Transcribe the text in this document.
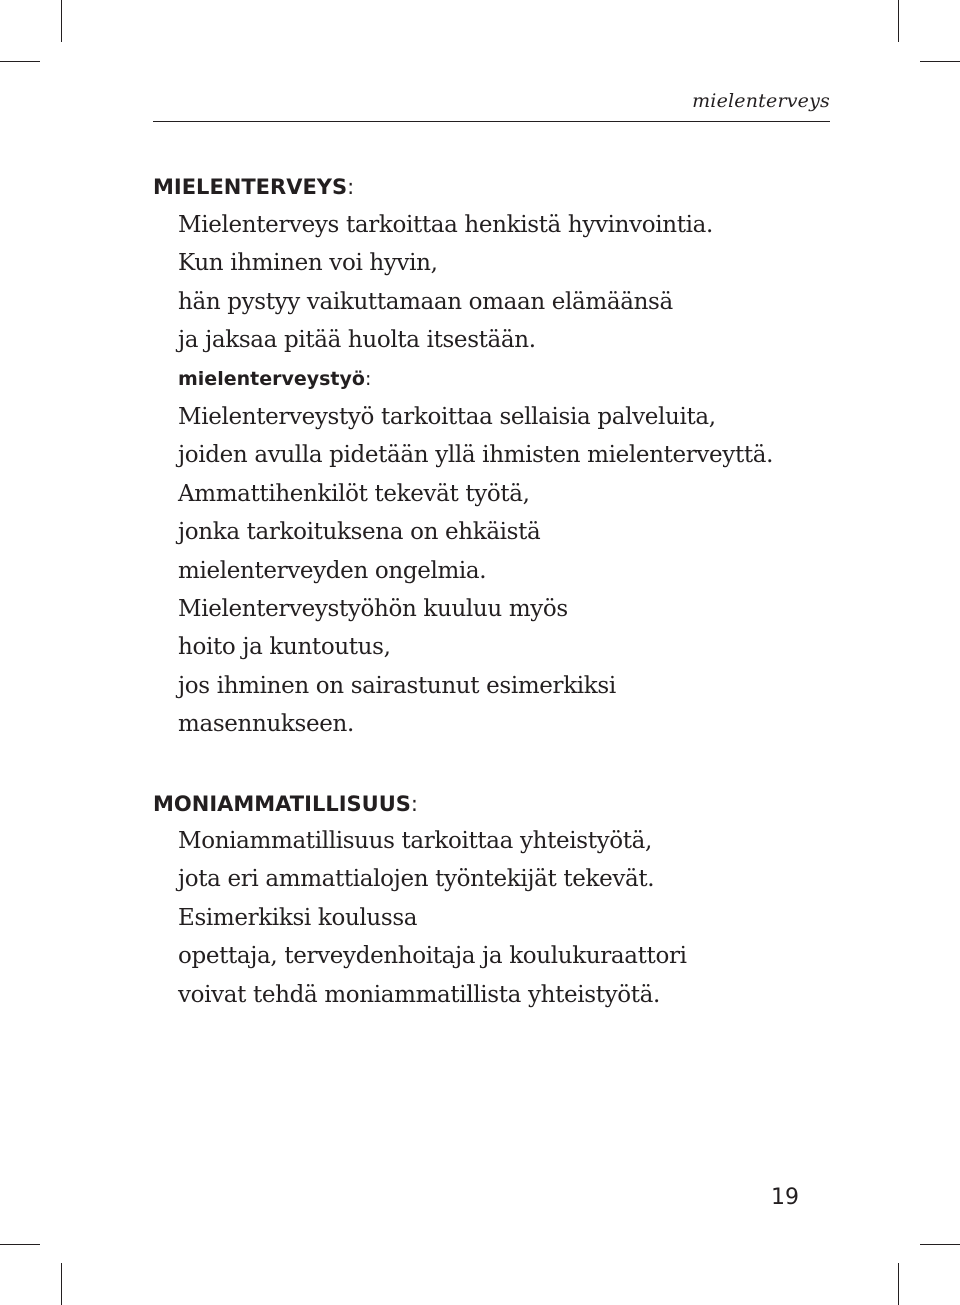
mielenterveys
MIELENTERVEYS:
Mielenterveys tarkoittaa henkistä hyvinvointia.
Kun ihminen voi hyvin,
hän pystyy vaikuttamaan omaan elämäänsä
ja jaksaa pitää huolta itsestään.
mielenterveystyö:
Mielenterveystyö tarkoittaa sellaisia palveluita,
joiden avulla pidetään yllä ihmisten mielenterveyttä.
Ammattihenkilöt tekevät työtä,
jonka tarkoituksena on ehkäistä
mielenterveyden ongelmia.
Mielenterveystyöhön kuuluu myös
hoito ja kuntoutus,
jos ihminen on sairastunut esimerkiksi
masennukseen.
MONIAMMATILLISUUS:
Moniammatillisuus tarkoittaa yhteistyötä,
jota eri ammattialojen työntekijät tekevät.
Esimerkiksi koulussa
opettaja, terveydenhoitaja ja koulukuraattori
voivat tehdä moniammatillista yhteistyötä.
19
